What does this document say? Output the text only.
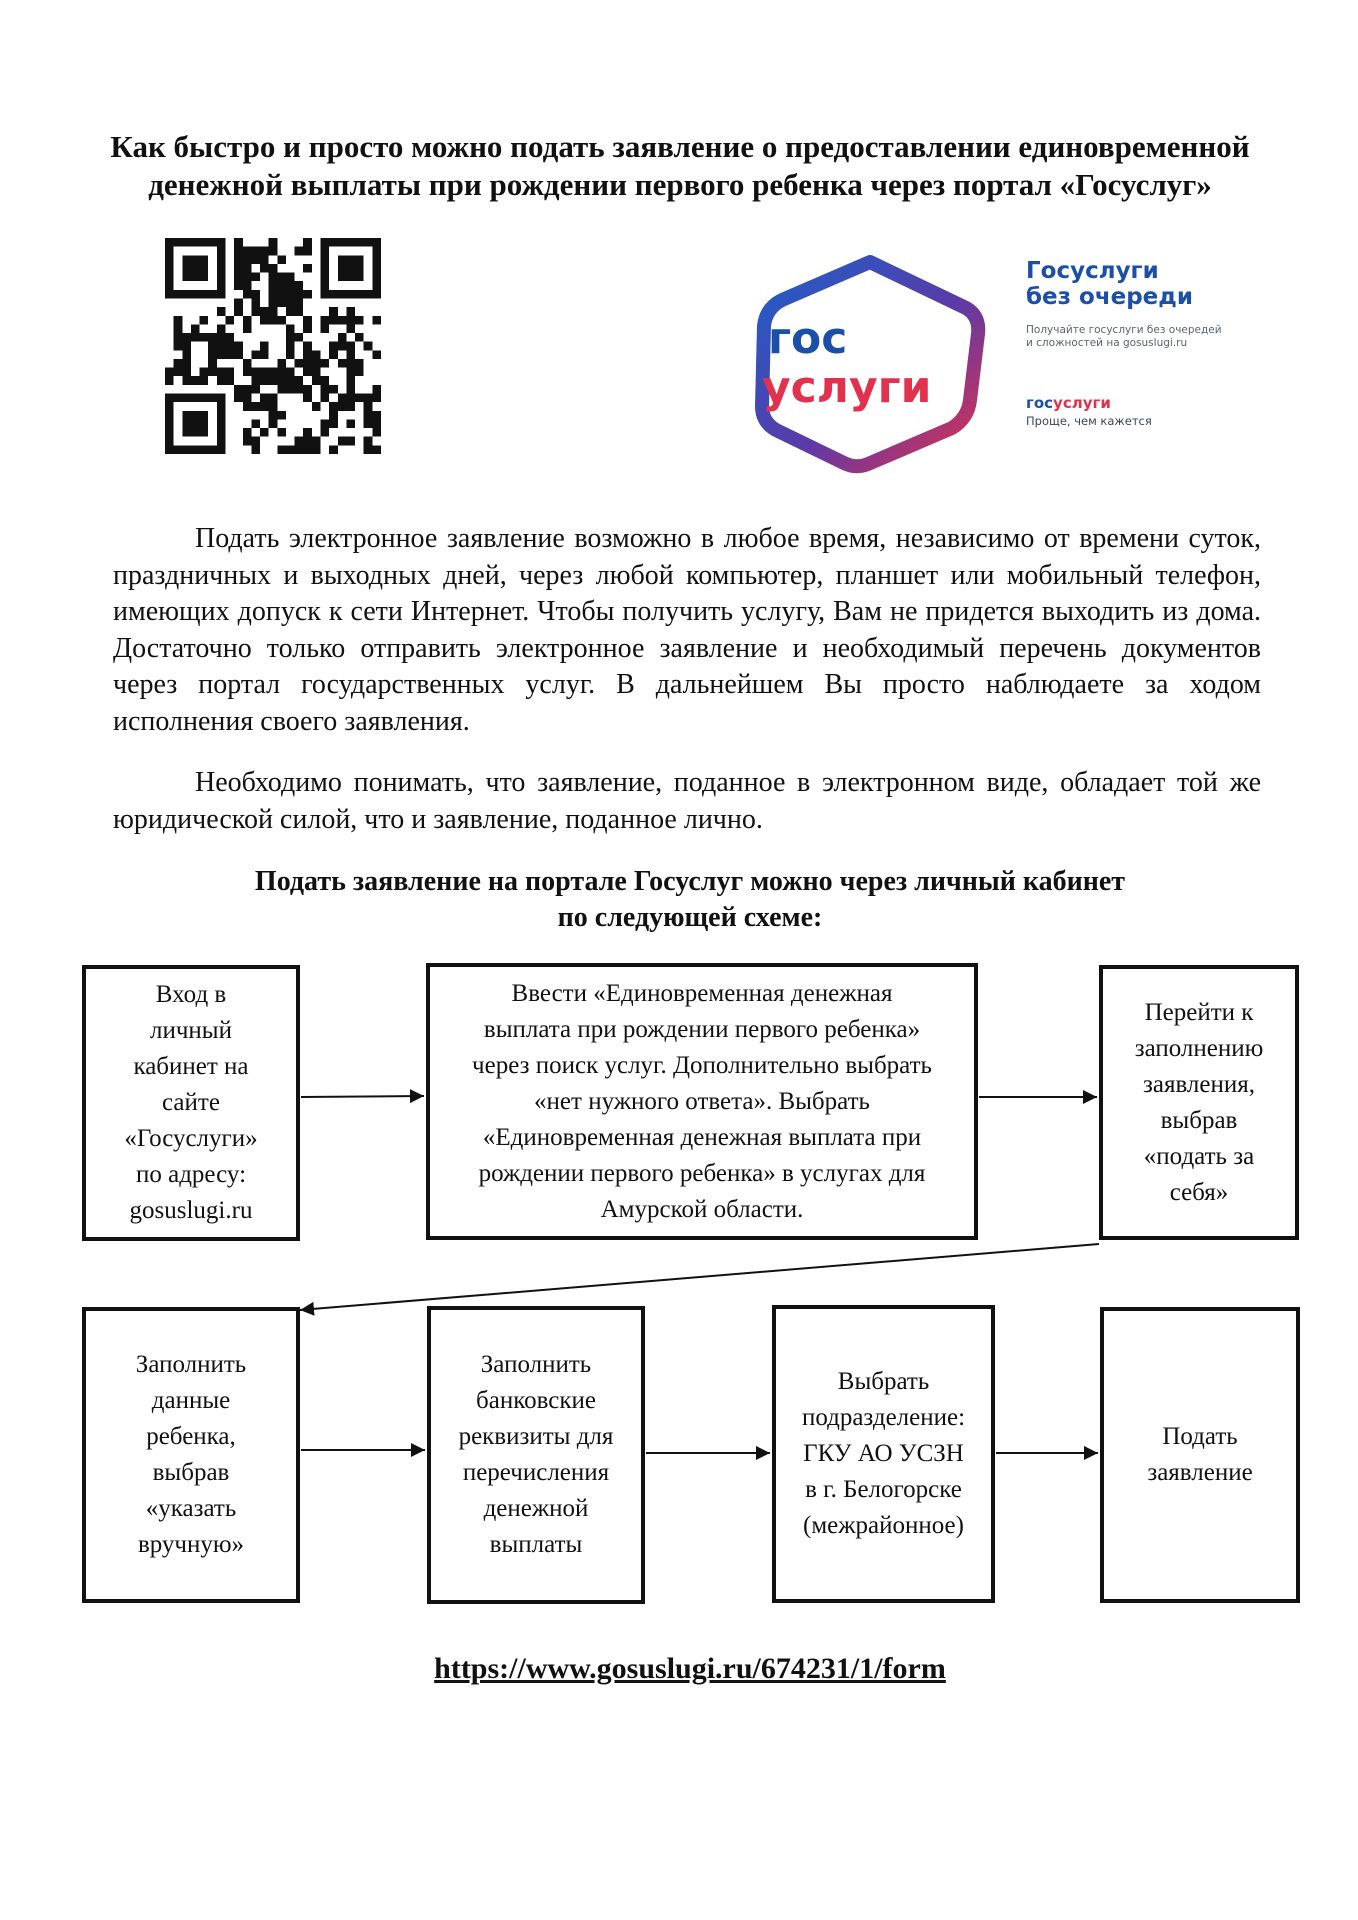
Как быстро и просто можно подать заявление о предоставлении единовременной
денежной выплаты при рождении первого ребенка через портал «Госуслуг»
гос
услуги
Госуслуги
без очереди
Получайте госуслуги без очередей
и сложностей на gosuslugi.ru
госуслуги
Проще, чем кажется

Подать электронное заявление возможно в любое время, независимо от времени суток, праздничных и выходных дней, через любой компьютер, планшет или мобильный телефон, имеющих допуск к сети Интернет. Чтобы получить услугу, Вам не придется выходить из дома. Достаточно только отправить электронное заявление и необходимый перечень документов через портал государственных услуг. В дальнейшем Вы просто наблюдаете за ходом исполнения своего заявления.

Необходимо понимать, что заявление, поданное в электронном виде, обладает той же юридической силой, что и заявление, поданное лично.

Подать заявление на портале Госуслуг можно через личный кабинет
по следующей схеме:
Вход в
личный
кабинет на
сайте
«Госуслуги»
по адресу:
gosuslugi.ru
Ввести «Единовременная денежная
выплата при рождении первого ребенка»
через поиск услуг. Дополнительно выбрать
«нет нужного ответа». Выбрать
«Единовременная денежная выплата при
рождении первого ребенка» в услугах для
Амурской области.
Перейти к
заполнению
заявления,
выбрав
«подать за
себя»
Заполнить
данные
ребенка,
выбрав
«указать
вручную»
Заполнить
банковские
реквизиты для
перечисления
денежной
выплаты
Выбрать
подразделение:
ГКУ АО УСЗН
в г. Белогорске
(межрайонное)
Подать
заявление
https://www.gosuslugi.ru/674231/1/form
